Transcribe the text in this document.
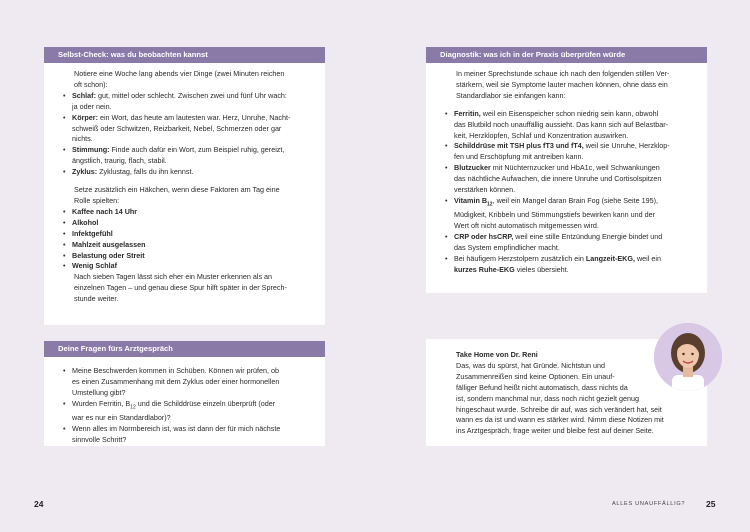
Selbst-Check: was du beobachten kannst
Notiere eine Woche lang abends vier Dinge (zwei Minuten reichen
oft schon):
• Schlaf: gut, mittel oder schlecht. Zwischen zwei und fünf Uhr wach:
ja oder nein.
• Körper: ein Wort, das heute am lautesten war. Herz, Unruhe, Nacht-
schweiß oder Schwitzen, Reizbarkeit, Nebel, Schmerzen oder gar
nichts.
• Stimmung: Finde auch dafür ein Wort, zum Beispiel ruhig, gereizt,
ängstlich, traurig, flach, stabil.
• Zyklus: Zyklustag, falls du ihn kennst.
Setze zusätzlich ein Häkchen, wenn diese Faktoren am Tag eine
Rolle spielten:
• Kaffee nach 14 Uhr
• Alkohol
• Infektgefühl
• Mahlzeit ausgelassen
• Belastung oder Streit
• Wenig Schlaf
Nach sieben Tagen lässt sich eher ein Muster erkennen als an
einzelnen Tagen – und genau diese Spur hilft später in der Sprech-
stunde weiter.
Deine Fragen fürs Arztgespräch
• Meine Beschwerden kommen in Schüben. Können wir prüfen, ob
es einen Zusammenhang mit dem Zyklus oder einer hormonellen
Umstellung gibt?
• Wurden Ferritin, $B_{12}$ und die Schilddrüse einzeln überprüft (oder
war es nur ein Standardlabor)?
• Wenn alles im Normbereich ist, was ist dann der für mich nächste
sinnvolle Schritt?
Diagnostik: was ich in der Praxis überprüfen würde
In meiner Sprechstunde schaue ich nach den folgenden stillen Ver-
stärkern, weil sie Symptome lauter machen können, ohne dass ein
Standardlabor sie einfangen kann:
• Ferritin, weil ein Eisenspeicher schon niedrig sein kann, obwohl
das Blutbild noch unauffällig aussieht. Das kann sich auf Belastbar-
keit, Herzklopfen, Schlaf und Konzentration auswirken.
• Schilddrüse mit TSH plus fT3 und fT4, weil sie Unruhe, Herzklop-
fen und Erschöpfung mit antreiben kann.
• Blutzucker mit Nüchternzucker und HbA1c, weil Schwankungen
das nächtliche Aufwachen, die innere Unruhe und Cortisolspitzen
verstärken können.
• Vitamin $B_{12}$, weil ein Mangel daran Brain Fog (siehe Seite 195),
Müdigkeit, Kribbeln und Stimmungstiefs bewirken kann und der
Wert oft nicht automatisch mitgemessen wird.
• CRP oder hsCRP, weil eine stille Entzündung Energie bindet und
das System empfindlicher macht.
• Bei häufigem Herzstolpern zusätzlich ein Langzeit-EKG, weil ein
kurzes Ruhe-EKG vieles übersieht.
Take Home von Dr. Reni
Das, was du spürst, hat Gründe. Nichtstun und
Zusammenreißen sind keine Optionen. Ein unauf-
fälliger Befund heißt nicht automatisch, dass nichts da
ist, sondern manchmal nur, dass noch nicht gezielt genug
hingeschaut wurde. Schreibe dir auf, was sich verändert hat, seit
wann es da ist und wann es stärker wird. Nimm diese Notizen mit
ins Arztgespräch, frage weiter und bleibe fest auf deiner Seite.
24	ALLES UNAUFFÄLLIG? 25
